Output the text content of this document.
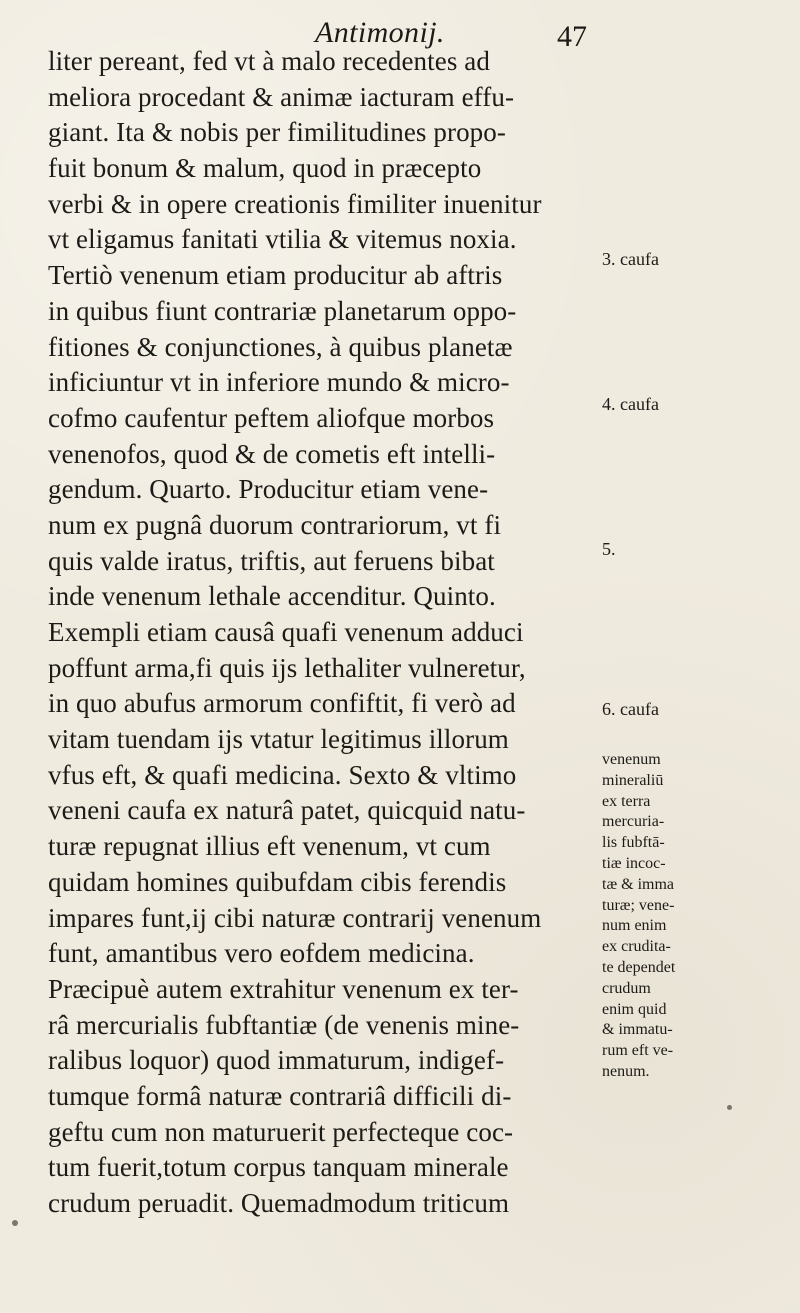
Antimonij.	47
liter pereant, fed vt à malo recedentes ad
meliora procedant & animæ iacturam effu-
giant. Ita & nobis per fimilitudines propo-
fuit bonum & malum, quod in præcepto
verbi & in opere creationis fimiliter inuenitur
vt eligamus fanitati vtilia & vitemus noxia.
Tertiò venenum etiam producitur ab aftris
in quibus fiunt contrariæ planetarum oppo-
fitiones & conjunctiones, à quibus planetæ
inficiuntur vt in inferiore mundo & micro-
cofmo caufentur peftem aliofque morbos
venenofos, quod & de cometis eft intelli-
gendum. Quarto. Producitur etiam vene-
num ex pugnâ duorum contrariorum, vt fi
quis valde iratus, triftis, aut feruens bibat
inde venenum lethale accenditur. Quinto.
Exempli etiam causâ quafi venenum adduci
poffunt arma,fi quis ijs lethaliter vulneretur,
in quo abufus armorum confiftit, fi verò ad
vitam tuendam ijs vtatur legitimus illorum
vfus eft, & quafi medicina. Sexto & vltimo
veneni caufa ex naturâ patet, quicquid natu-
turæ repugnat illius eft venenum, vt cum
quidam homines quibufdam cibis ferendis
impares funt,ij cibi naturæ contrarij venenum
funt, amantibus vero eofdem medicina.
Præcipuè autem extrahitur venenum ex ter-
râ mercurialis fubftantiæ (de venenis mine-
ralibus loquor) quod immaturum, indigef-
tumque formâ naturæ contrariâ difficili di-
geftu cum non maturuerit perfecteque coc-
tum fuerit,totum corpus tanquam minerale
crudum peruadit. Quemadmodum triticum
3. caufa
4. caufa
5.
6. caufa
venenum
mineraliū
ex terra
mercuria-
lis fubftā-
tiæ incoc-
tæ & imma
turæ; vene-
num enim
ex crudita-
te dependet
crudum
enim quid
& immatu-
rum eft ve-
nenum.
